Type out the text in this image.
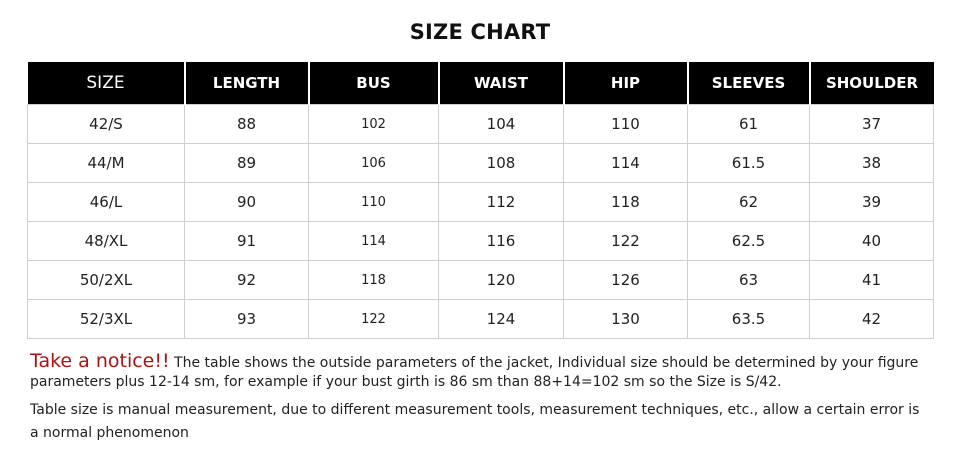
SIZE CHART
SIZE	LENGTH	BUS	WAIST	HIP	SLEEVES	SHOULDER
42/S	88	102	104	110	61	37
44/M	89	106	108	114	61.5	38
46/L	90	110	112	118	62	39
48/XL	91	114	116	122	62.5	40
50/2XL	92	118	120	126	63	41
52/3XL	93	122	124	130	63.5	42
Take a notice!! The table shows the outside parameters of the jacket, Individual size should be determined by your figure parameters plus 12-14 sm, for example if your bust girth is 86 sm than 88+14=102 sm so the Size is S/42.
Table size is manual measurement, due to different measurement tools, measurement techniques, etc., allow a certain error is a normal phenomenon
